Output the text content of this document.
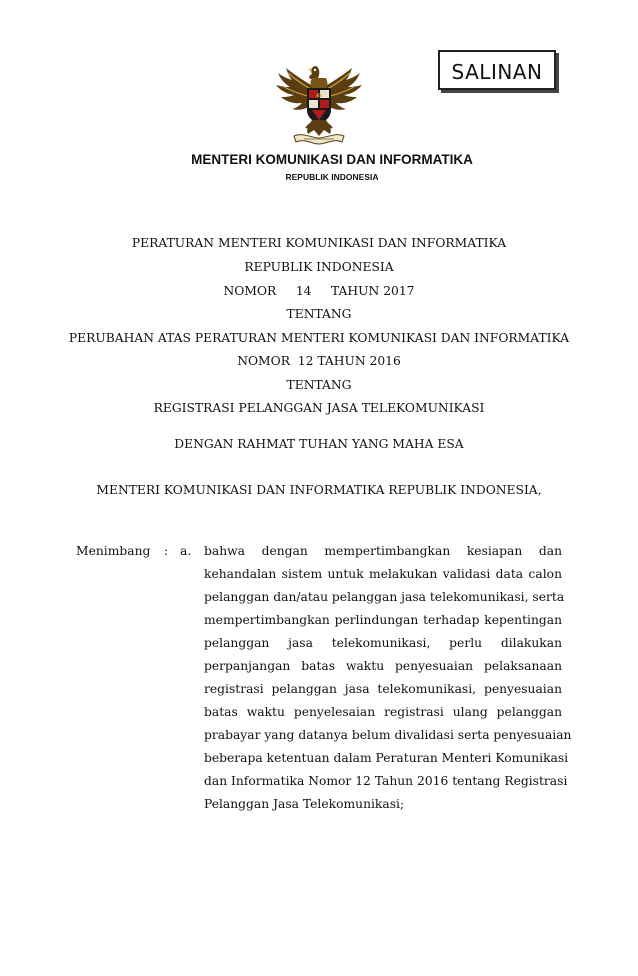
SALINAN
MENTERI KOMUNIKASI DAN INFORMATIKA
REPUBLIK INDONESIA
PERATURAN MENTERI KOMUNIKASI DAN INFORMATIKA
REPUBLIK INDONESIA
NOMOR     14     TAHUN 2017
TENTANG
PERUBAHAN ATAS PERATURAN MENTERI KOMUNIKASI DAN INFORMATIKA
NOMOR  12 TAHUN 2016
TENTANG
REGISTRASI PELANGGAN JASA TELEKOMUNIKASI
DENGAN RAHMAT TUHAN YANG MAHA ESA
MENTERI KOMUNIKASI DAN INFORMATIKA REPUBLIK INDONESIA,
Menimbang : a. bahwa dengan mempertimbangkan kesiapan dan
kehandalan sistem untuk melakukan validasi data calon
pelanggan dan/atau pelanggan jasa telekomunikasi, serta
mempertimbangkan perlindungan terhadap kepentingan
pelanggan jasa telekomunikasi, perlu dilakukan
perpanjangan batas waktu penyesuaian pelaksanaan
registrasi pelanggan jasa telekomunikasi, penyesuaian
batas waktu penyelesaian registrasi ulang pelanggan
prabayar yang datanya belum divalidasi serta penyesuaian
beberapa ketentuan dalam Peraturan Menteri Komunikasi
dan Informatika Nomor 12 Tahun 2016 tentang Registrasi
Pelanggan Jasa Telekomunikasi;
